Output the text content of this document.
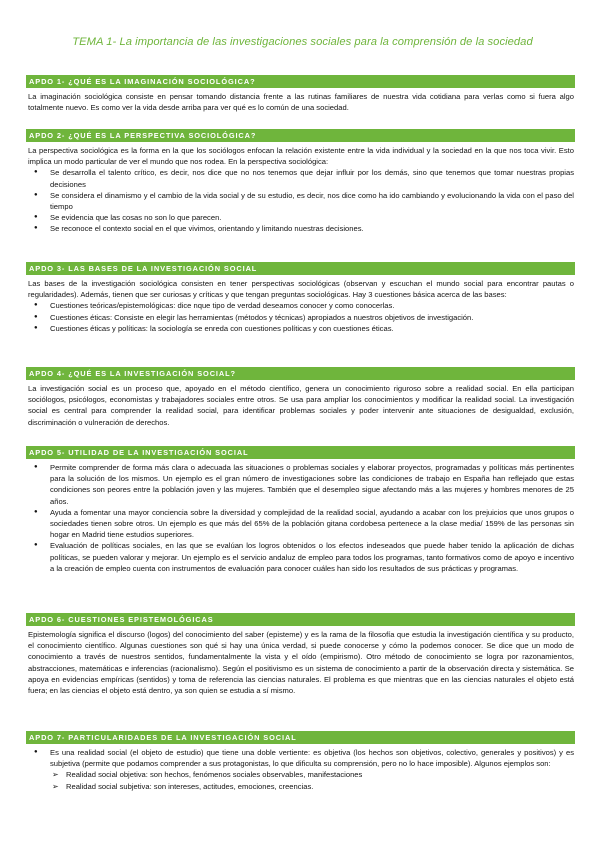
TEMA 1- La importancia de las investigaciones sociales para la comprensión de la sociedad
APDO 1- ¿QUÉ ES LA IMAGINACIÓN SOCIOLÓGICA?

La imaginación sociológica consiste en pensar tomando distancia frente a las rutinas familiares de nuestra vida cotidiana para verlas como si fuera algo totalmente nuevo. Es como ver la vida desde arriba para ver qué es lo común de una sociedad.

APDO 2- ¿QUÉ ES LA PERSPECTIVA SOCIOLÓGICA?

La perspectiva sociológica es la forma en la que los sociólogos enfocan la relación existente entre la vida individual y la sociedad en la que nos toca vivir. Esto implica un modo particular de ver el mundo que nos rodea. En la perspectiva sociológica:

● Se desarrolla el talento crítico, es decir, nos dice que no nos tenemos que dejar influir por los demás, sino que tenemos que tomar nuestras propias decisiones
● Se considera el dinamismo y el cambio de la vida social y de su estudio, es decir, nos dice como ha ido cambiando y evolucionando la vida con el paso del tiempo
● Se evidencia que las cosas no son lo que parecen.
● Se reconoce el contexto social en el que vivimos, orientando y limitando nuestras decisiones.
APDO 3- LAS BASES DE LA INVESTIGACIÓN SOCIAL

Las bases de la investigación sociológica consisten en tener perspectivas sociológicas (observan y escuchan el mundo social para encontrar pautas o regularidades). Además, tienen que ser curiosas y críticas y que tengan preguntas sociológicas. Hay 3 cuestiones básica acerca de las bases:

● Cuestiones teóricas/epistemológicas: dice nque tipo de verdad deseamos conocer y como conocerlas.
● Cuestiones éticas: Consiste en elegir las herramientas (métodos y técnicas) apropiados a nuestros objetivos de investigación.
● Cuestiones éticas y políticas: la sociología se enreda con cuestiones políticas y con cuestiones éticas.
APDO 4- ¿QUÉ ES LA INVESTIGACIÓN SOCIAL?

La investigación social es un proceso que, apoyado en el método científico, genera un conocimiento riguroso sobre a realidad social. En ella participan sociólogos, psicólogos, economistas y trabajadores sociales entre otros. Se usa para ampliar los conocimientos y modificar la realidad social. La investigación social es central para comprender la realidad social, para identificar problemas sociales y poder intervenir ante situaciones de desigualdad, exclusión, discriminación o vulneración de derechos.

APDO 5- UTILIDAD DE LA INVESTIGACIÓN SOCIAL
● Permite comprender de forma más clara o adecuada las situaciones o problemas sociales y elaborar proyectos, programadas y políticas más pertinentes para la solución de los mismos. Un ejemplo es el gran número de investigaciones sobre las condiciones de trabajo en España han reflejado que estas condiciones son peores entre la población joven y las mujeres. También que el desempleo sigue afectando más a las mujeres y hombres menores de 25 años.
● Ayuda a fomentar una mayor conciencia sobre la diversidad y complejidad de la realidad social, ayudando a acabar con los prejuicios que unos grupos o sociedades tienen sobre otros. Un ejemplo es que más del 65% de la población gitana cordobesa pertenece a la clase media/ 159% de las personas sin hogar en Madrid tiene estudios superiores.
● Evaluación de políticas sociales, en las que se evalúan los logros obtenidos o los efectos indeseados que puede haber tenido la aplicación de dichas políticas, se pueden valorar y mejorar. Un ejemplo es el servicio andaluz de empleo para todos los programas, tanto formativos como de apoyo e incentivo a la creación de empleo cuenta con instrumentos de evaluación para conocer cuáles han sido los resultados de sus prácticas y programas.
APDO 6- CUESTIONES EPISTEMOLÓGICAS

Epistemología significa el discurso (logos) del conocimiento del saber (episteme) y es la rama de la filosofía que estudia la investigación científica y su producto, el conocimiento científico. Algunas cuestiones son qué si hay una única verdad, si puede conocerse y cómo la podemos conocer. Se dice que un modo de conocimiento a través de nuestros sentidos, fundamentalmente la vista y el oído (empirismo). Otro método de conocimiento se logra por razonamientos, abstracciones, matemáticas e inferencias (racionalismo). Según el positivismo es un sistema de conocimiento a partir de la observación directa y sistemática. Se apoya en evidencias empíricas (sentidos) y toma de referencia las ciencias naturales. El problema es que mientras que en las ciencias naturales el objeto está fuera; en las ciencias el objeto está dentro, ya son quien se estudia a sí mismo.

APDO 7- PARTICULARIDADES DE LA INVESTIGACIÓN SOCIAL
● Es una realidad social (el objeto de estudio) que tiene una doble vertiente: es objetiva (los hechos son objetivos, colectivo, generales y positivos) y es subjetiva (permite que podamos comprender a sus protagonistas, lo que dificulta su comprensión, pero no lo hace imposible). Algunos ejemplos son:
➢ Realidad social objetiva: son hechos, fenómenos sociales observables, manifestaciones
➢ Realidad social subjetiva: son intereses, actitudes, emociones, creencias.
